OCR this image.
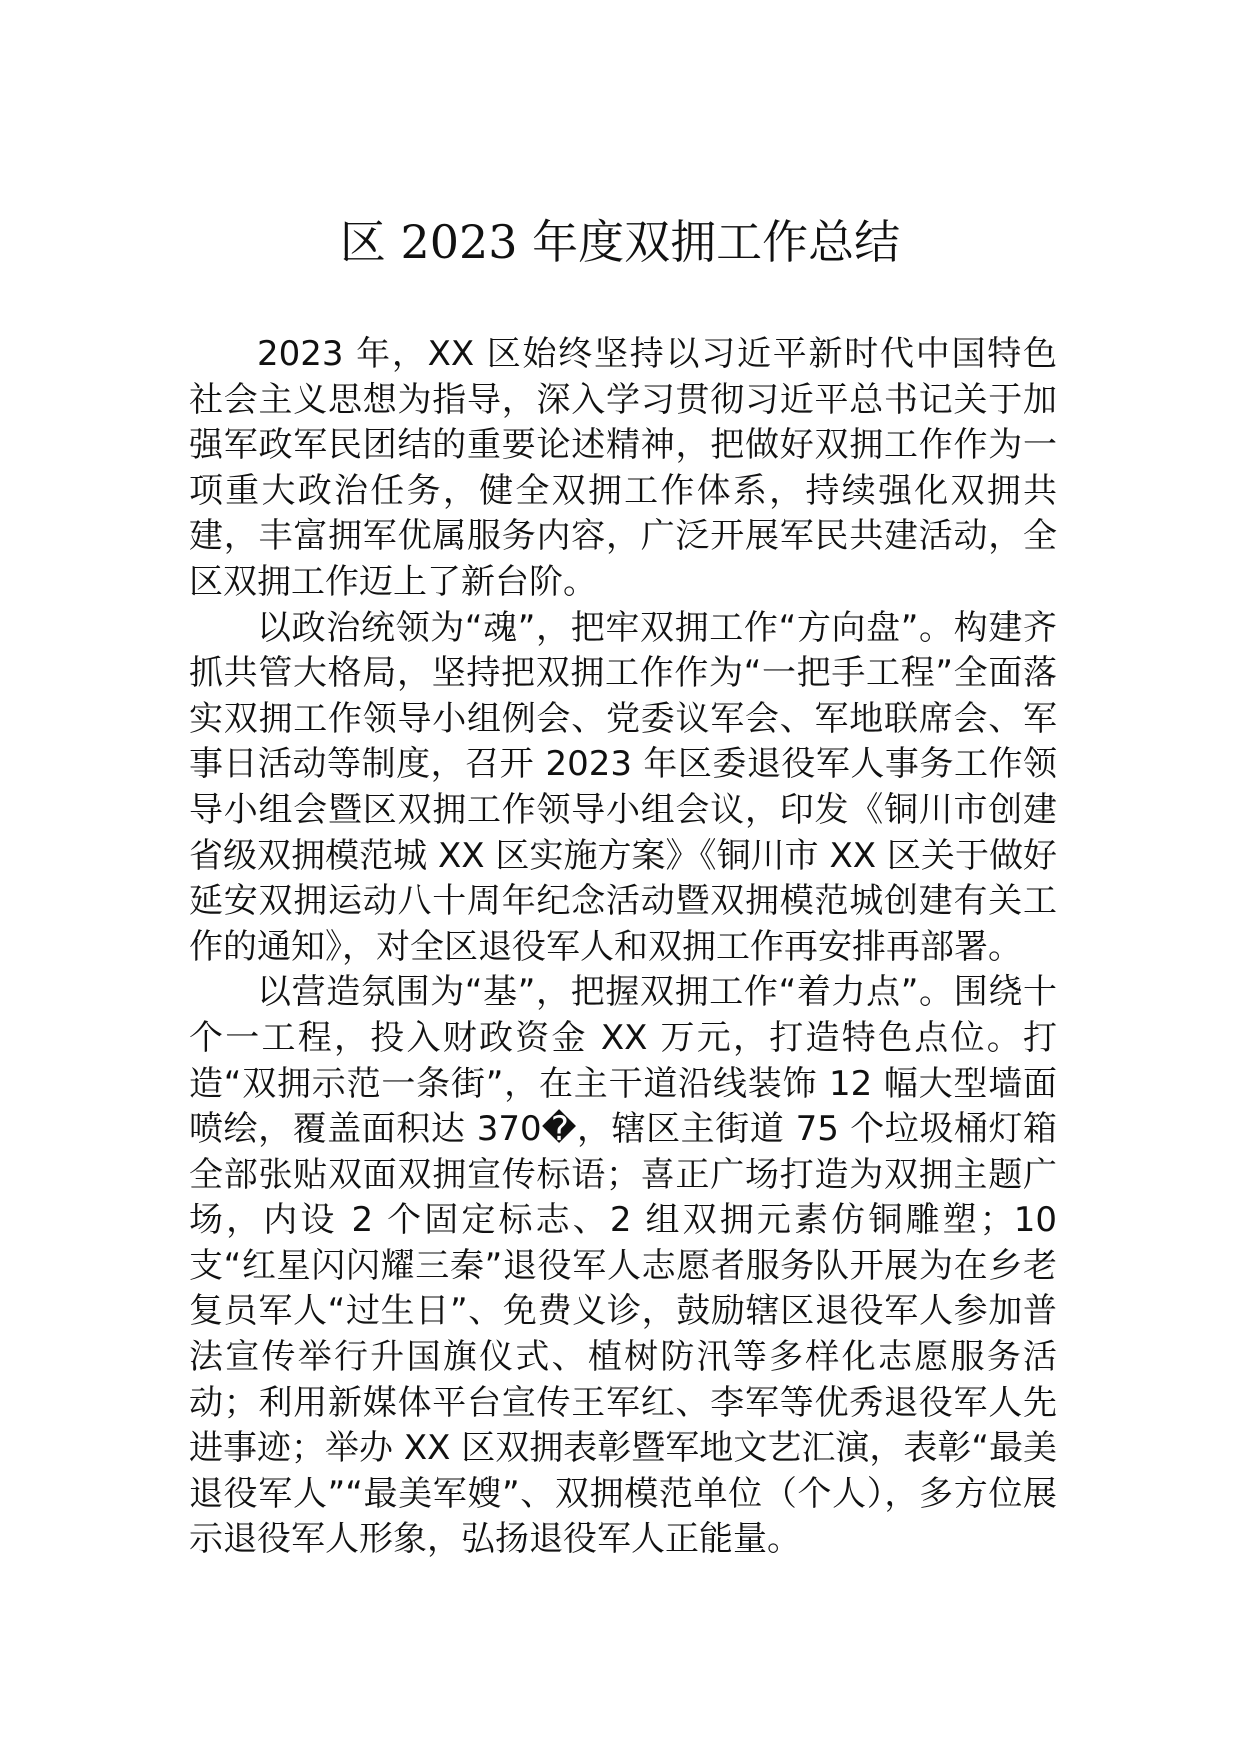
区 2023 年度双拥工作总结

2023 年，XX 区始终坚持以习近平新时代中国特色社会主义思想为指导，深入学习贯彻习近平总书记关于加强军政军民团结的重要论述精神，把做好双拥工作作为一项重大政治任务，健全双拥工作体系，持续强化双拥共建，丰富拥军优属服务内容，广泛开展军民共建活动，全区双拥工作迈上了新台阶。

以政治统领为“魂”，把牢双拥工作“方向盘”。构建齐抓共管大格局，坚持把双拥工作作为“一把手工程”全面落实双拥工作领导小组例会、党委议军会、军地联席会、军事日活动等制度，召开 2023 年区委退役军人事务工作领导小组会暨区双拥工作领导小组会议，印发《铜川市创建省级双拥模范城 XX 区实施方案》《铜川市 XX 区关于做好延安双拥运动八十周年纪念活动暨双拥模范城创建有关工作的通知》，对全区退役军人和双拥工作再安排再部署。

以营造氛围为“基”，把握双拥工作“着力点”。围绕十个一工程，投入财政资金 XX 万元，打造特色点位。打造“双拥示范一条街”，在主干道沿线装饰 12 幅大型墙面喷绘，覆盖面积达 370�，辖区主街道 75 个垃圾桶灯箱全部张贴双面双拥宣传标语；喜正广场打造为双拥主题广场，内设 2 个固定标志、2 组双拥元素仿铜雕塑；10 支“红星闪闪耀三秦”退役军人志愿者服务队开展为在乡老复员军人“过生日”、免费义诊，鼓励辖区退役军人参加普法宣传举行升国旗仪式、植树防汛等多样化志愿服务活动；利用新媒体平台宣传王军红、李军等优秀退役军人先进事迹；举办 XX 区双拥表彰暨军地文艺汇演，表彰“最美退役军人”“最美军嫂”、双拥模范单位（个人），多方位展示退役军人形象，弘扬退役军人正能量。
